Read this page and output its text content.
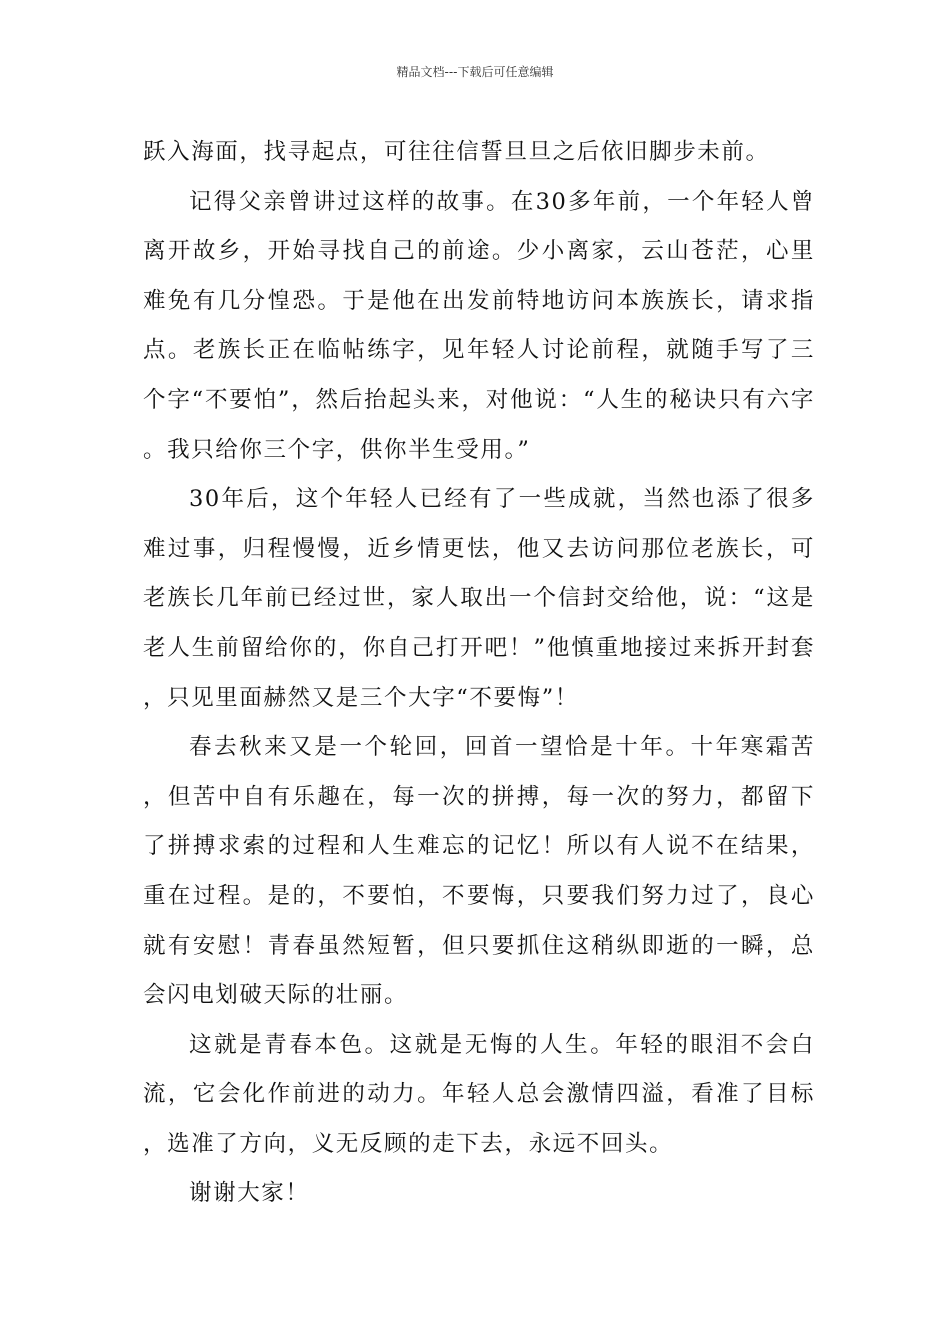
精品文档---下载后可任意编辑

跃入海面，找寻起点，可往往信誓旦旦之后依旧脚步未前。

记得父亲曾讲过这样的故事。在30多年前，一个年轻人曾离开故乡，开始寻找自己的前途。少小离家，云山苍茫，心里难免有几分惶恐。于是他在出发前特地访问本族族长，请求指点。老族长正在临帖练字，见年轻人讨论前程，就随手写了三个字“不要怕”，然后抬起头来，对他说：“人生的秘诀只有六字。我只给你三个字，供你半生受用。”

30年后，这个年轻人已经有了一些成就，当然也添了很多难过事，归程慢慢，近乡情更怯，他又去访问那位老族长，可老族长几年前已经过世，家人取出一个信封交给他，说：“这是老人生前留给你的，你自己打开吧！”他慎重地接过来拆开封套，只见里面赫然又是三个大字“不要悔”！

春去秋来又是一个轮回，回首一望恰是十年。十年寒霜苦，但苦中自有乐趣在，每一次的拼搏，每一次的努力，都留下了拼搏求索的过程和人生难忘的记忆！所以有人说不在结果，重在过程。是的，不要怕，不要悔，只要我们努力过了，良心就有安慰！青春虽然短暂，但只要抓住这稍纵即逝的一瞬，总会闪电划破天际的壮丽。

这就是青春本色。这就是无悔的人生。年轻的眼泪不会白流，它会化作前进的动力。年轻人总会激情四溢，看准了目标，选准了方向，义无反顾的走下去，永远不回头。

谢谢大家！
